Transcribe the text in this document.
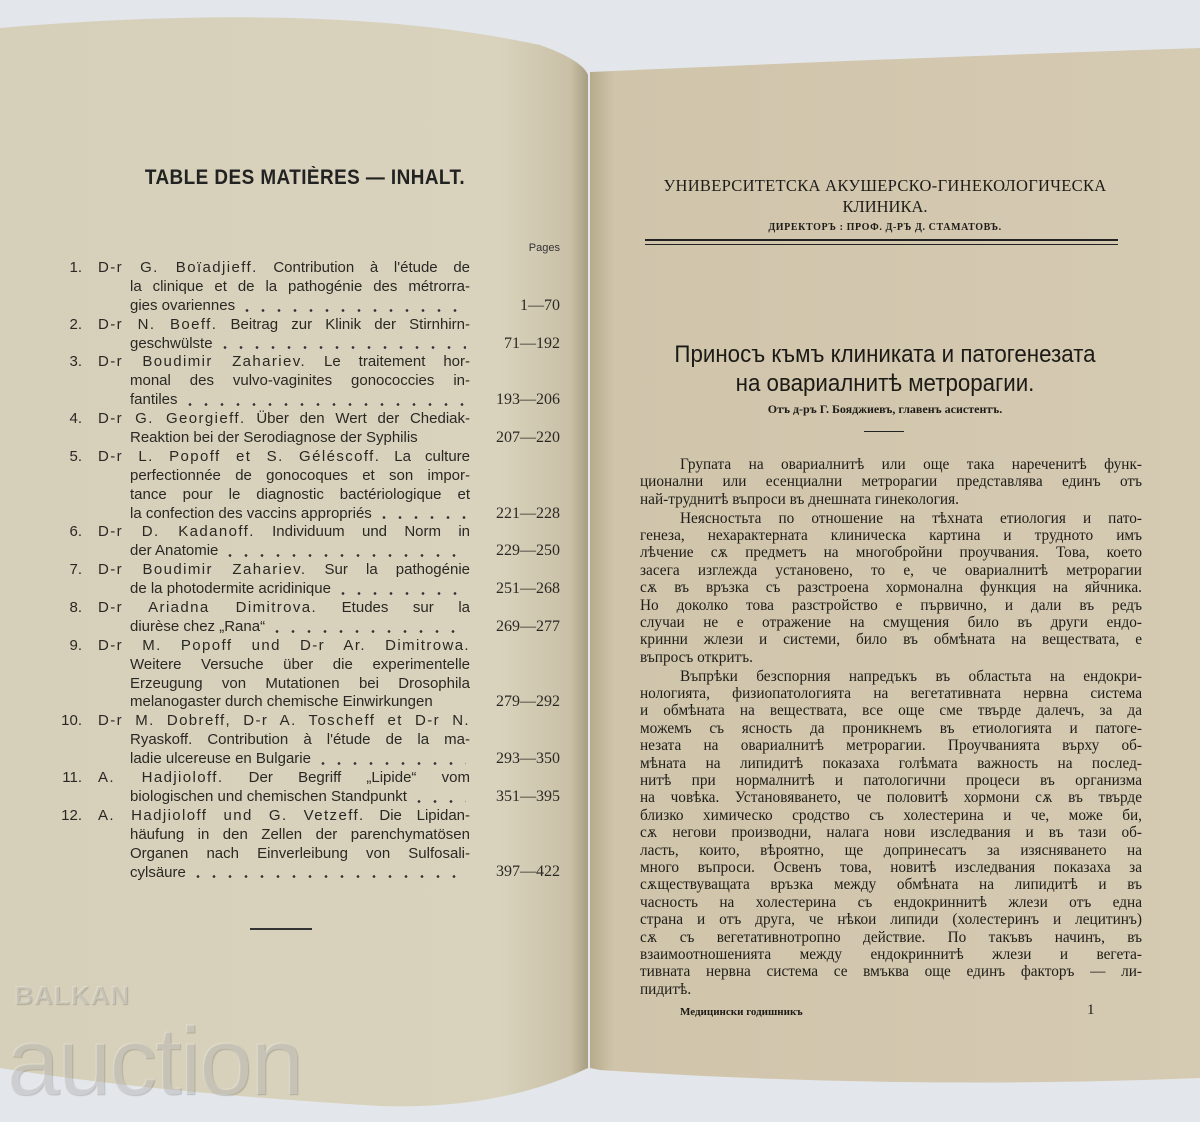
TABLE DES MATIÈRES — INHALT.
Pages
1. D-r G. Boïadjieff. Contribution à l'étude de
la clinique et de la pathogénie des métrorra-
gies ovariennes	1—70
2. D-r N. Boeff. Beitrag zur Klinik der Stirnhirn-
geschwülste	71—192
3. D-r Boudimir Zahariev. Le traitement hor-
monal des vulvo-vaginites gonococcies in-
fantiles	193—206
4. D-r G. Georgieff. Über den Wert der Chediak-
Reaktion bei der Serodiagnose der Syphilis	207—220
5. D-r L. Popoff et S. Géléscoff. La culture
perfectionnée de gonocoques et son impor-
tance pour le diagnostic bactériologique et
la confection des vaccins appropriés	221—228
6. D-r D. Kadanoff. Individuum und Norm in
der Anatomie	229—250
7. D-r Boudimir Zahariev. Sur la pathogénie
de la photodermite acridinique	251—268
8. D-r Ariadna Dimitrova. Etudes sur la
diurèse chez „Rana“	269—277
9. D-r M. Popoff und D-r Ar. Dimitrowa.
Weitere Versuche über die experimentelle
Erzeugung von Mutationen bei Drosophila
melanogaster durch chemische Einwirkungen	279—292
10. D-r M. Dobreff, D-r A. Toscheff et D-r N.
Ryaskoff. Contribution à l'étude de la ma-
ladie ulcereuse en Bulgarie	293—350
11. A. Hadjioloff. Der Begriff „Lipide“ vom
biologischen und chemischen Standpunkt	351—395
12. A. Hadjioloff und G. Vetzeff. Die Lipidan-
häufung in den Zellen der parenchymatösen
Organen nach Einverleibung von Sulfosali-
cylsäure	397—422
BALKAN
auction
УНИВЕРСИТЕТСКА АКУШЕРСКО-ГИНЕКОЛОГИЧЕСКА
КЛИНИКА.
ДИРЕКТОРЪ : ПРОФ. Д-РЪ Д. СТАМАТОВЪ.
Приносъ къмъ клиниката и патогенезата
на овариалнитѣ метрорагии.
Отъ д-ръ Г. Бояджиевъ, главенъ асистентъ.
Групата на овариалнитѣ или още така нареченитѣ функ-
ционални или есенциални метрорагии представлява единъ отъ
най-труднитѣ въпроси въ днешната гинекология.
Неясностьта по отношение на тѣхната етиология и пато-
генеза, нехарактерната клиническа картина и трудното имъ
лѣчение сѫ предметъ на многобройни проучвания. Това, което
засега изглежда установено, то е, че овариалнитѣ метрорагии
сѫ въ връзка съ разстроена хормонална функция на яйчника.
Но доколко това разстройство е първично, и дали въ редъ
случаи не е отражение на смущения било въ други ендо-
кринни жлези и системи, било въ обмѣната на веществата, е
въпросъ откритъ.
Въпрѣки безспорния напредъкъ въ областьта на ендокри-
нологията, физиопатологията на вегетативната нервна система
и обмѣната на веществата, все още сме твърде далечъ, за да
можемъ съ ясность да проникнемъ въ етиологията и патоге-
незата на овариалнитѣ метрорагии. Проучванията върху об-
мѣната на липидитѣ показаха голѣмата важность на послед-
нитѣ при нормалнитѣ и патологични процеси въ организма
на човѣка. Установяването, че половитѣ хормони сѫ въ твърде
близко химическо сродство съ холестерина и че, може би,
сѫ негови производни, налага нови изследвания и въ тази об-
ласть, които, вѣроятно, ще допринесатъ за изясняването на
много въпроси. Освенъ това, новитѣ изследвания показаха за
сѫществуващата връзка между обмѣната на липидитѣ и въ
часность на холестерина съ ендокриннитѣ жлези отъ една
страна и отъ друга, че нѣкои липиди (холестеринъ и лецитинъ)
сѫ съ вегетативнотропно действие. По такъвъ начинъ, въ
взаимоотношенията между ендокриннитѣ жлези и вегета-
тивната нервна система се вмъква още единъ факторъ — ли-
пидитѣ.
Медицински годишникъ	1
